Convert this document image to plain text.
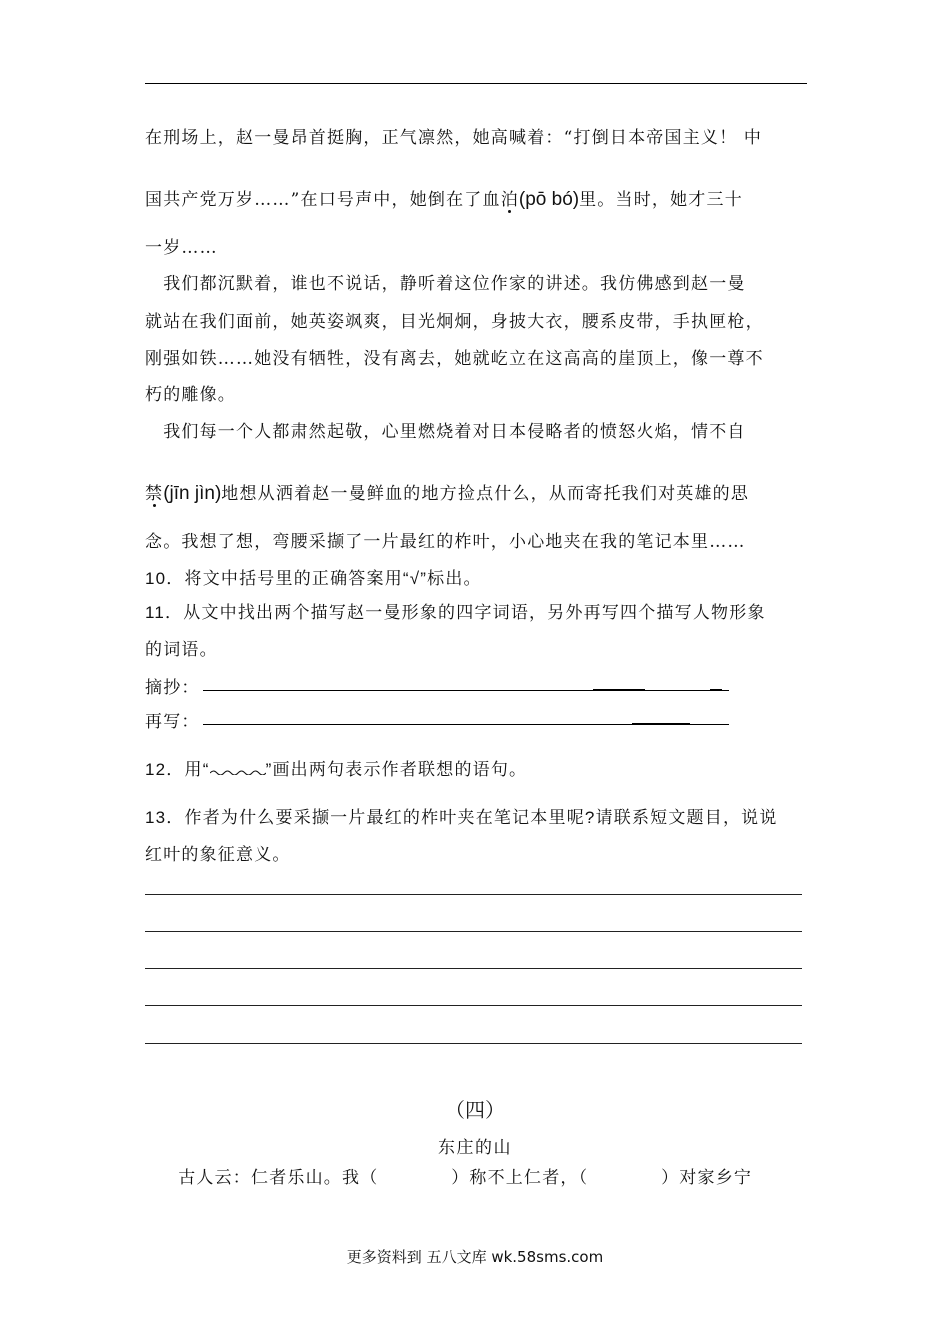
在刑场上，赵一曼昂首挺胸，正气凛然，她高喊着：“打倒日本帝国主义！ 中
国共产党万岁……”在口号声中，她倒在了血泊(pō bó)里。当时，她才三十
一岁……
　我们都沉默着，谁也不说话，静听着这位作家的讲述。我仿佛感到赵一曼
就站在我们面前，她英姿飒爽，目光炯炯，身披大衣，腰系皮带，手执匣枪，
刚强如铁……她没有牺牲，没有离去，她就屹立在这高高的崖顶上，像一尊不
朽的雕像。
　我们每一个人都肃然起敬，心里燃烧着对日本侵略者的愤怒火焰，情不自
禁(jīn jìn)地想从洒着赵一曼鲜血的地方捡点什么，从而寄托我们对英雄的思
念。我想了想，弯腰采撷了一片最红的柞叶，小心地夹在我的笔记本里……
10．将文中括号里的正确答案用“√”标出。
11．从文中找出两个描写赵一曼形象的四字词语，另外再写四个描写人物形象
的词语。
摘抄：
再写：
12．用“	”画出两句表示作者联想的语句。
13．作者为什么要采撷一片最红的柞叶夹在笔记本里呢?请联系短文题目，说说
红叶的象征意义。
（四）
东庄的山
　古人云：仁者乐山。我（　　　　）称不上仁者，（　　　　）对家乡宁
更多资料到 五八文库 wk.58sms.com
